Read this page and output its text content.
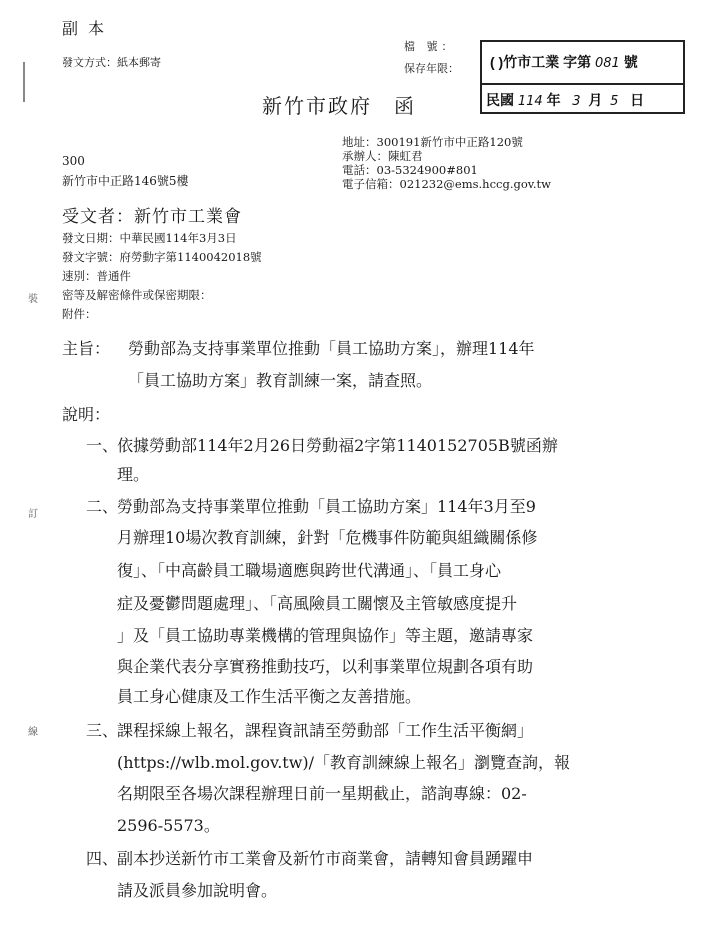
副本
發文方式：紙本郵寄
檔 號：
保存年限： ( )竹市工業 字第 081 號
民國 114 年 3 月 5 日
新竹市政府 函
地址：300191新竹市中正路120號
承辦人：陳虹君
電話：03-5324900#801
電子信箱：021232@ems.hccg.gov.tw
300
新竹市中正路146號5樓
受文者：新竹市工業會
發文日期：中華民國114年3月3日
發文字號：府勞動字第1140042018號
速別：普通件
密等及解密條件或保密期限：
附件：
主旨： 勞動部為支持事業單位推動「員工協助方案」，辦理114年
「員工協助方案」教育訓練一案，請查照。
說明：
一、
依據勞動部114年2月26日勞動福2字第1140152705B號函辦
理。
二、
勞動部為支持事業單位推動「員工協助方案」114年3月至9
月辦理10場次教育訓練，針對「危機事件防範與組織關係修
復」、「中高齡員工職場適應與跨世代溝通」、「員工身心
症及憂鬱問題處理」、「高風險員工關懷及主管敏感度提升
」及「員工協助專業機構的管理與協作」等主題，邀請專家
與企業代表分享實務推動技巧，以利事業單位規劃各項有助
員工身心健康及工作生活平衡之友善措施。
三、
課程採線上報名，課程資訊請至勞動部「工作生活平衡網」
(https://wlb.mol.gov.tw)/「教育訓練線上報名」瀏覽查詢，報
名期限至各場次課程辦理日前一星期截止，諮詢專線：02-
2596-5573。
四、
副本抄送新竹市工業會及新竹市商業會，請轉知會員踴躍申
請及派員參加說明會。
裝
訂
線
